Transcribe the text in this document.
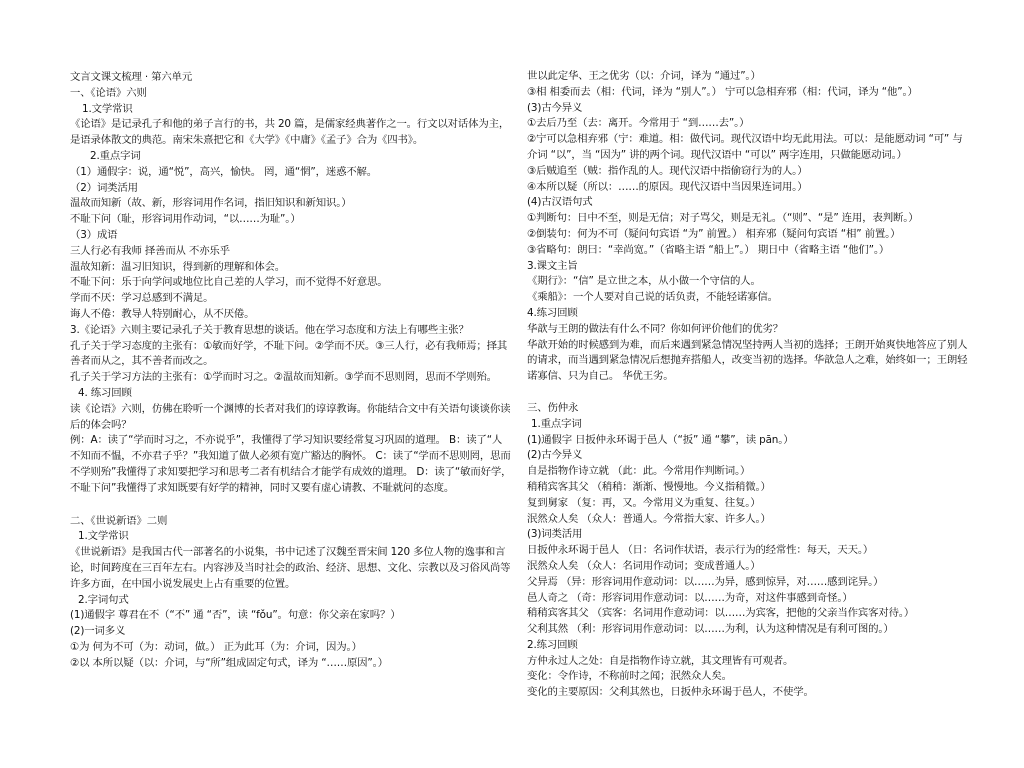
文言文课文梳理 · 第六单元

一、《论语》六则

1.文学常识

《论语》是记录孔子和他的弟子言行的书，共 20 篇，是儒家经典著作之一。行文以对话体为主，是语录体散文的典范。南宋朱熹把它和《大学》《中庸》《孟子》合为《四书》。

2.重点字词

（1）通假字：说，通“悦”，高兴，愉快。 罔，通“惘”，迷惑不解。

（2）词类活用

温故而知新（故、新，形容词用作名词，指旧知识和新知识。）

不耻下问（耻，形容词用作动词，“以……为耻”。）

（3）成语

三人行必有我师 择善而从 不亦乐乎

温故知新：温习旧知识，得到新的理解和体会。

不耻下问：乐于向学问或地位比自己差的人学习，而不觉得不好意思。

学而不厌：学习总感到不满足。

诲人不倦：教导人特别耐心，从不厌倦。

3.《论语》六则主要记录孔子关于教育思想的谈话。他在学习态度和方法上有哪些主张？

孔子关于学习态度的主张有：①敏而好学，不耻下问。②学而不厌。③三人行，必有我师焉；择其善者而从之，其不善者而改之。

孔子关于学习方法的主张有：①学而时习之。②温故而知新。③学而不思则罔，思而不学则殆。

4. 练习回顾

读《论语》六则，仿佛在聆听一个渊博的长者对我们的谆谆教诲。你能结合文中有关语句谈谈你读后的体会吗？

例：A：读了“学而时习之，不亦说乎”，我懂得了学习知识要经常复习巩固的道理。 B：读了“人不知而不愠，不亦君子乎？”我知道了做人必须有宽广豁达的胸怀。 C：读了“学而不思则罔，思而不学则殆”我懂得了求知要把学习和思考二者有机结合才能学有成效的道理。 D：读了“敏而好学，不耻下问”我懂得了求知既要有好学的精神，同时又要有虚心请教、不耻就问的态度。

二、《世说新语》二则

1.文学常识

《世说新语》是我国古代一部著名的小说集，书中记述了汉魏至晋宋间 120 多位人物的逸事和言论，时间跨度在三百年左右。内容涉及当时社会的政治、经济、思想、文化、宗教以及习俗风尚等许多方面，在中国小说发展史上占有重要的位置。

2.字词句式

(1)通假字 尊君在不（“不” 通 “否”，读 “fǒu”。句意：你父亲在家吗？）

(2)一词多义

①为 何为不可（为：动词，做。） 正为此耳（为：介词，因为。）

②以 本所以疑（以：介词，与“所”组成固定句式，译为 “……原因”。）

世以此定华、王之优劣（以：介词，译为 “通过”。）

③相 相委而去（相：代词，译为 “别人”。） 宁可以急相弃邪（相：代词，译为 “他”。）

(3)古今异义

①去后乃至（去：离开。今常用于 “到……去”。）

②宁可以急相弃邪（宁：难道。相：做代词。现代汉语中均无此用法。可以：是能愿动词 “可” 与介词 “以”，当 “因为” 讲的两个词。现代汉语中 “可以” 两字连用，只做能愿动词。）

③后贼追至（贼：指作乱的人。现代汉语中指偷窃行为的人。）

④本所以疑（所以：……的原因。现代汉语中当因果连词用。）

(4)古汉语句式

①判断句：日中不至，则是无信；对子骂父，则是无礼。（“则”、“是” 连用，表判断。）

②倒装句：何为不可（疑问句宾语 “为” 前置。） 相弃邪（疑问句宾语 “相” 前置。）

③省略句：朗曰：“幸尚宽。”（省略主语 “船上”。） 期日中（省略主语 “他们”。）

3.课文主旨

《期行》：“信” 是立世之本，从小做一个守信的人。

《乘船》：一个人要对自己说的话负责，不能轻诺寡信。

4.练习回顾

华歆与王朗的做法有什么不同？你如何评价他们的优劣？

华歆开始的时候感到为难，而后来遇到紧急情况坚持两人当初的选择；王朗开始爽快地答应了别人的请求，而当遇到紧急情况后想抛弃搭船人，改变当初的选择。华歆急人之难，始终如一；王朗轻诺寡信、只为自己。 华优王劣。

三、伤仲永

1.重点字词

(1)通假字 日扳仲永环谒于邑人（“扳” 通 “攀”，读 pān。）

(2)古今异义

自是指物作诗立就 （此：此。今常用作判断词。）

稍稍宾客其父 （稍稍：渐渐、慢慢地。今义指稍微。）

复到舅家 （复：再，又。今常用义为重复、往复。）

泯然众人矣 （众人：普通人。今常指大家、许多人。）

(3)词类活用

日扳仲永环谒于邑人 （日：名词作状语，表示行为的经常性：每天，天天。）

泯然众人矣 （众人：名词用作动词；变成普通人。）

父异焉 （异：形容词用作意动词：以……为异，感到惊异，对……感到诧异。）

邑人奇之 （奇：形容词用作意动词：以……为奇，对这件事感到奇怪。）

稍稍宾客其父 （宾客：名词用作意动词：以……为宾客，把他的父亲当作宾客对待。）

父利其然 （利：形容词用作意动词：以……为利，认为这种情况是有利可图的。）

2.练习回顾

方仲永过人之处：自是指物作诗立就，其文理皆有可观者。

变化：令作诗，不称前时之闻；泯然众人矣。

变化的主要原因：父利其然也，日扳仲永环谒于邑人，不使学。
